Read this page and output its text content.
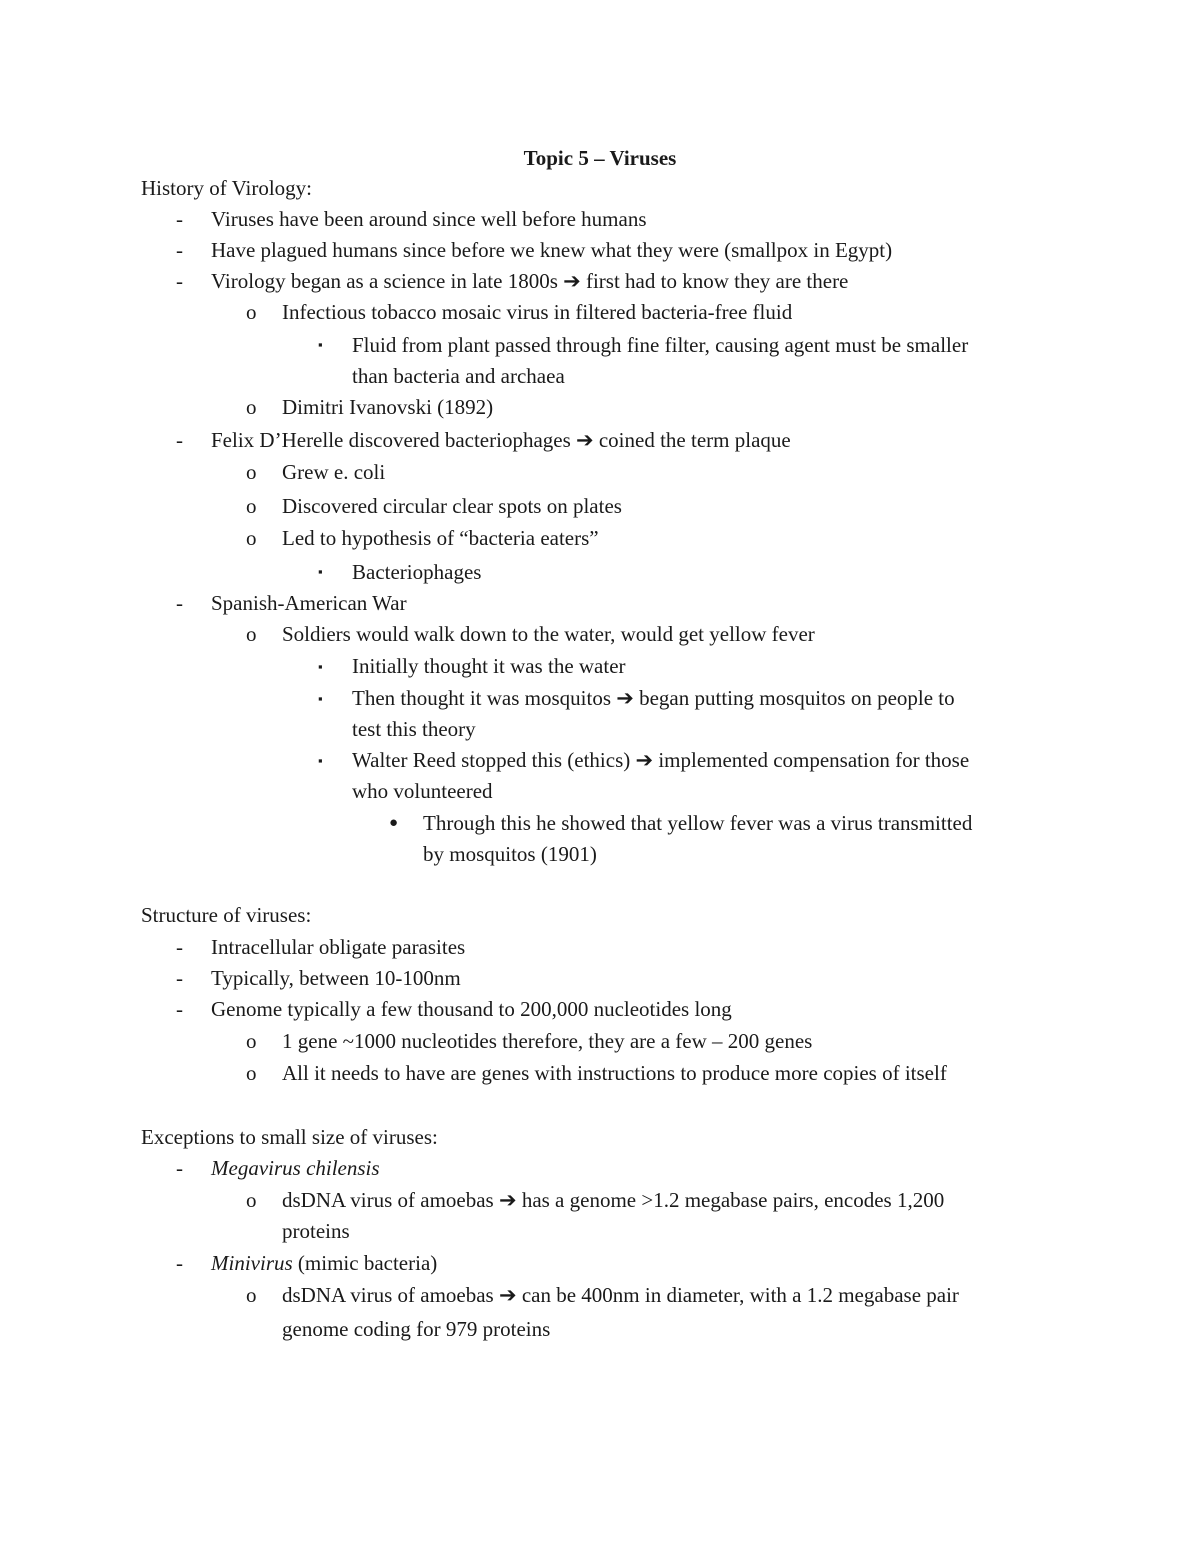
Topic 5 – Viruses
History of Virology:
- Viruses have been around since well before humans
- Have plagued humans since before we knew what they were (smallpox in Egypt)
- Virology began as a science in late 1800s ➔ first had to know they are there
o Infectious tobacco mosaic virus in filtered bacteria-free fluid
▪ Fluid from plant passed through fine filter, causing agent must be smaller
than bacteria and archaea
o Dimitri Ivanovski (1892)
- Felix D’Herelle discovered bacteriophages ➔ coined the term plaque
o Grew e. coli
o Discovered circular clear spots on plates
o Led to hypothesis of “bacteria eaters”
▪ Bacteriophages
- Spanish-American War
o Soldiers would walk down to the water, would get yellow fever
▪ Initially thought it was the water
▪ Then thought it was mosquitos ➔ began putting mosquitos on people to
test this theory
▪ Walter Reed stopped this (ethics) ➔ implemented compensation for those
who volunteered
● Through this he showed that yellow fever was a virus transmitted
by mosquitos (1901)
Structure of viruses:
- Intracellular obligate parasites
- Typically, between 10-100nm
- Genome typically a few thousand to 200,000 nucleotides long
o 1 gene ~1000 nucleotides therefore, they are a few – 200 genes
o All it needs to have are genes with instructions to produce more copies of itself
Exceptions to small size of viruses:
- Megavirus chilensis
o dsDNA virus of amoebas ➔ has a genome >1.2 megabase pairs, encodes 1,200
proteins
- Minivirus (mimic bacteria)
o dsDNA virus of amoebas ➔ can be 400nm in diameter, with a 1.2 megabase pair
genome coding for 979 proteins
